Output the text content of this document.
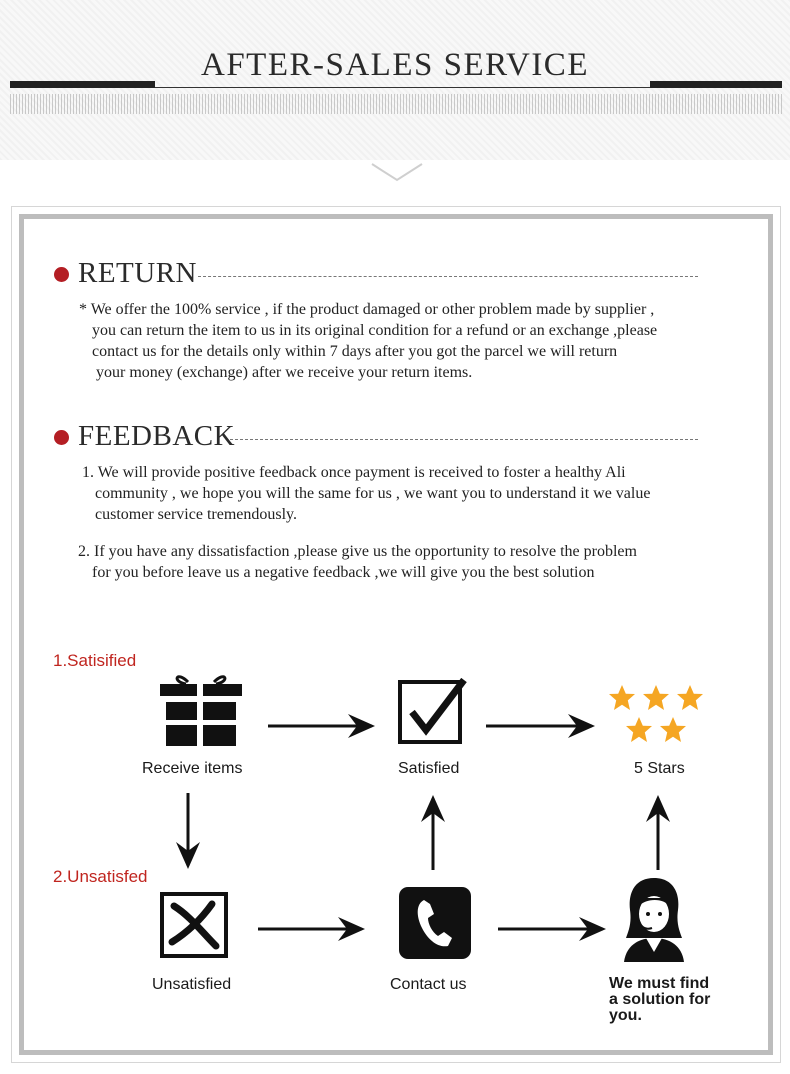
AFTER-SALES SERVICE
RETURN
* We offer the 100% service , if the product damaged or other problem made by supplier ,
you can return the item to us in its original condition for a refund or an exchange ,please
contact us for the details only within 7 days after you got the parcel we will return
your money (exchange) after we receive your return items.
FEEDBACK
1. We will provide positive feedback once payment is received to foster a healthy Ali
community , we hope you will the same for us , we want you to understand it we value
customer service tremendously.
2. If you have any dissatisfaction ,please give us the opportunity to resolve the problem
for you before leave us a negative feedback ,we will give you the best solution
1.Satisified
2.Unsatisfed
Receive items	Satisfied	5 Stars
Unsatisfied	Contact us	We must find
a solution for
you.
